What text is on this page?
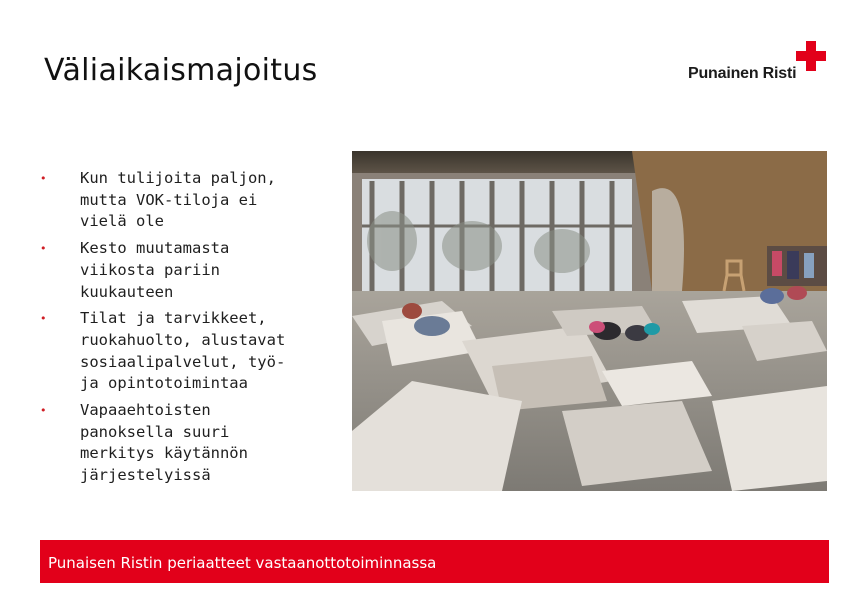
Väliaikaismajoitus	Punainen Risti
• Kun tulijoita paljon, mutta VOK-tiloja ei vielä ole
• Kesto muutamasta viikosta pariin kuukauteen
• Tilat ja tarvikkeet, ruokahuolto, alustavat sosiaalipalvelut, työ- ja opintotoimintaa
• Vapaaehtoisten panoksella suuri merkitys käytännön järjestelyissä
Punaisen Ristin periaatteet vastaanottotoiminnassa
